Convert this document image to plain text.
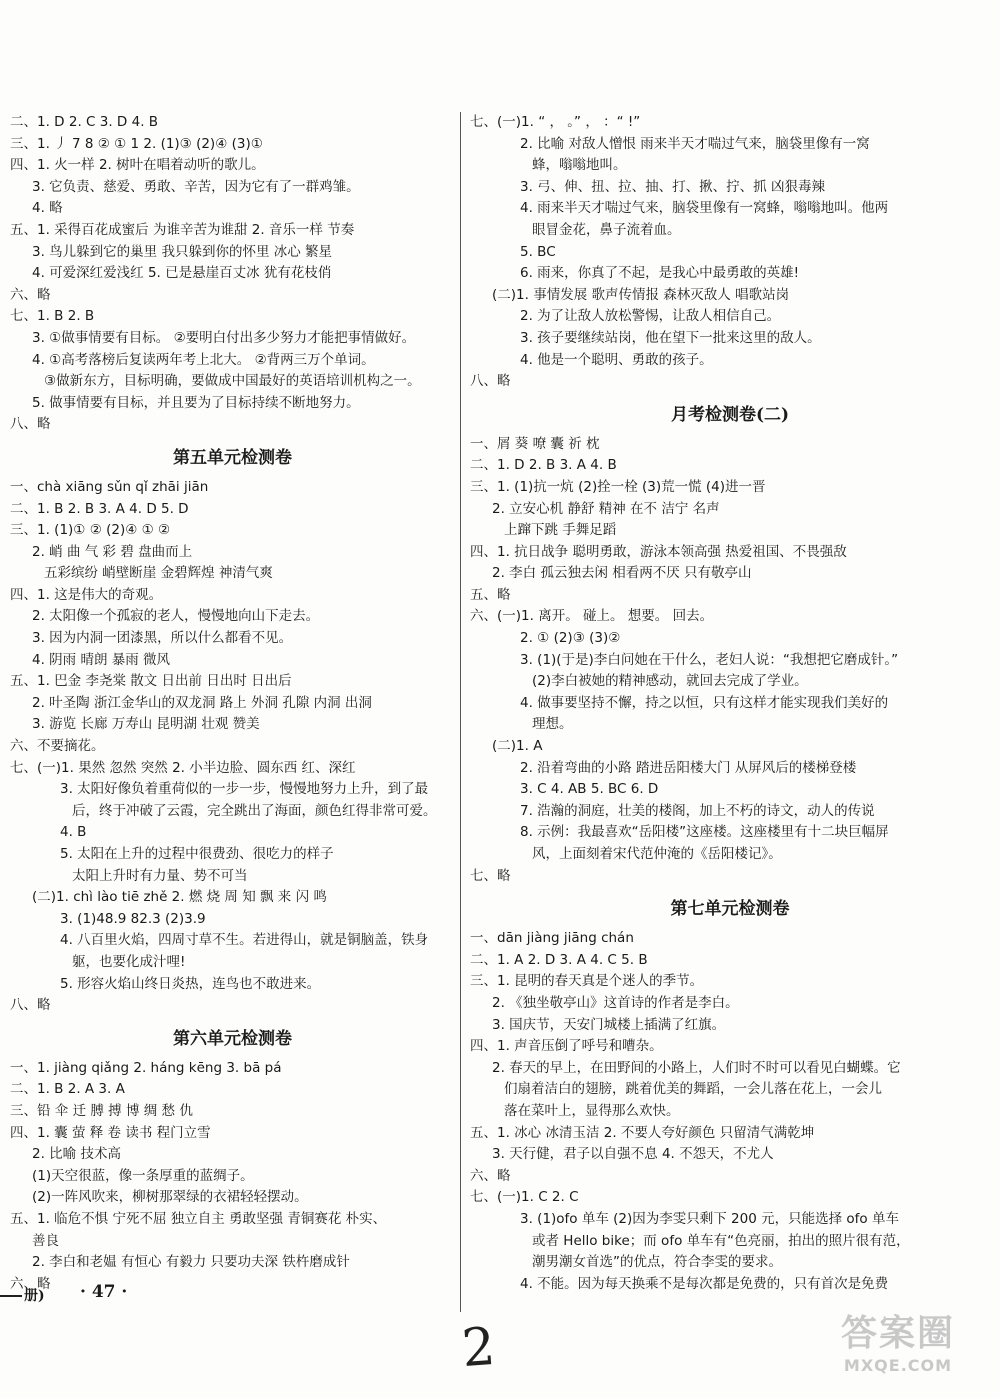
二、1. D 2. C 3. D 4. B
三、1. 丿 7 8 ② ① 1 2. (1)③ (2)④ (3)①
四、1. 火一样 2. 树叶在唱着动听的歌儿。
3. 它负责、慈爱、勇敢、辛苦，因为它有了一群鸡雏。
4. 略
五、1. 采得百花成蜜后 为谁辛苦为谁甜 2. 音乐一样 节奏
3. 鸟儿躲到它的巢里 我只躲到你的怀里 冰心 繁星
4. 可爱深红爱浅红 5. 已是悬崖百丈冰 犹有花枝俏
六、略
七、1. B 2. B
3. ①做事情要有目标。 ②要明白付出多少努力才能把事情做好。
4. ①高考落榜后复读两年考上北大。 ②背两三万个单词。
③做新东方，目标明确，要做成中国最好的英语培训机构之一。
5. 做事情要有目标，并且要为了目标持续不断地努力。
八、略
第五单元检测卷
一、chà xiāng sǔn qǐ zhāi jiān
二、1. B 2. B 3. A 4. D 5. D
三、1. (1)① ② (2)④ ① ②
2. 峭 曲 气 彩 碧 盘曲而上
五彩缤纷 峭壁断崖 金碧辉煌 神清气爽
四、1. 这是伟大的奇观。
2. 太阳像一个孤寂的老人，慢慢地向山下走去。
3. 因为内洞一团漆黑，所以什么都看不见。
4. 阴雨 晴朗 暴雨 微风
五、1. 巴金 李尧棠 散文 日出前 日出时 日出后
2. 叶圣陶 浙江金华山的双龙洞 路上 外洞 孔隙 内洞 出洞
3. 游览 长廊 万寿山 昆明湖 壮观 赞美
六、不要摘花。
七、(一)1. 果然 忽然 突然 2. 小半边脸、圆东西 红、深红
3. 太阳好像负着重荷似的一步一步，慢慢地努力上升，到了最
后，终于冲破了云霞，完全跳出了海面，颜色红得非常可爱。
4. B
5. 太阳在上升的过程中很费劲、很吃力的样子
太阳上升时有力量、势不可当
(二)1. chì lào tiē zhě 2. 燃 烧 周 知 飘 来 闪 鸣
3. (1)48.9 82.3 (2)3.9
4. 八百里火焰，四周寸草不生。若进得山，就是铜脑盖，铁身
躯，也要化成汁哩!
5. 形容火焰山终日炎热，连鸟也不敢进来。
八、略
第六单元检测卷
一、1. jiàng qiǎng 2. háng kēng 3. bā pá
二、1. B 2. A 3. A
三、铅 伞 迁 膊 搏 博 绸 愁 仇
四、1. 囊 萤 释 卷 读书 程门立雪
2. 比喻 技术高
(1)天空很蓝，像一条厚重的蓝绸子。
(2)一阵风吹来，柳树那翠绿的衣裙轻轻摆动。
五、1. 临危不惧 宁死不屈 独立自主 勇敢坚强 青铜赛花 朴实、
善良
2. 李白和老媪 有恒心 有毅力 只要功夫深 铁杵磨成针
六、略
七、(一)1. “ ， 。” ， ：“ !”
2. 比喻 对敌人憎恨 雨来半天才喘过气来，脑袋里像有一窝
蜂，嗡嗡地叫。
3. 弓、伸、扭、拉、抽、打、揪、拧、抓 凶狠毒辣
4. 雨来半天才喘过气来，脑袋里像有一窝蜂，嗡嗡地叫。他两
眼冒金花，鼻子流着血。
5. BC
6. 雨来，你真了不起，是我心中最勇敢的英雄!
(二)1. 事情发展 歌声传情报 森林灭敌人 唱歌站岗
2. 为了让敌人放松警惕，让敌人相信自己。
3. 孩子要继续站岗，他在望下一批来这里的敌人。
4. 他是一个聪明、勇敢的孩子。
八、略
月考检测卷(二)
一、屑 葵 嘹 囊 祈 枕
二、1. D 2. B 3. A 4. B
三、1. (1)抗一炕 (2)拴一栓 (3)荒一慌 (4)进一晋
2. 立安心机 静舒 精神 在不 洁宁 名声
上蹿下跳 手舞足蹈
四、1. 抗日战争 聪明勇敢，游泳本领高强 热爱祖国、不畏强敌
2. 李白 孤云独去闲 相看两不厌 只有敬亭山
五、略
六、(一)1. 离开。 碰上。 想要。 回去。
2. ① (2)③ (3)②
3. (1)(于是)李白问她在干什么，老妇人说：“我想把它磨成针。”
(2)李白被她的精神感动，就回去完成了学业。
4. 做事要坚持不懈，持之以恒，只有这样才能实现我们美好的
理想。
(二)1. A
2. 沿着弯曲的小路 踏进岳阳楼大门 从屏风后的楼梯登楼
3. C 4. AB 5. BC 6. D
7. 浩瀚的洞庭，壮美的楼阁，加上不朽的诗文，动人的传说
8. 示例：我最喜欢“岳阳楼”这座楼。这座楼里有十二块巨幅屏
风，上面刻着宋代范仲淹的《岳阳楼记》。
七、略
第七单元检测卷
一、dān jiàng jiāng chán
二、1. A 2. D 3. A 4. C 5. B
三、1. 昆明的春天真是个迷人的季节。
2. 《独坐敬亭山》这首诗的作者是李白。
3. 国庆节，天安门城楼上插满了红旗。
四、1. 声音压倒了呼号和嘈杂。
2. 春天的早上，在田野间的小路上，人们时不时可以看见白蝴蝶。它
们扇着洁白的翅膀，跳着优美的舞蹈，一会儿落在花上，一会儿
落在菜叶上，显得那么欢快。
五、1. 冰心 冰清玉洁 2. 不要人夸好颜色 只留清气满乾坤
3. 天行健，君子以自强不息 4. 不怨天，不尤人
六、略
七、(一)1. C 2. C
3. (1)ofo 单车 (2)因为李雯只剩下 200 元，只能选择 ofo 单车
或者 Hello bike；而 ofo 单车有“色亮丽，拍出的照片很有范，
潮男潮女首选”的优点，符合李雯的要求。
4. 不能。因为每天换乘不是每次都是免费的，只有首次是免费
册) · 47 ·
2	答案圈
MXQE.COM
